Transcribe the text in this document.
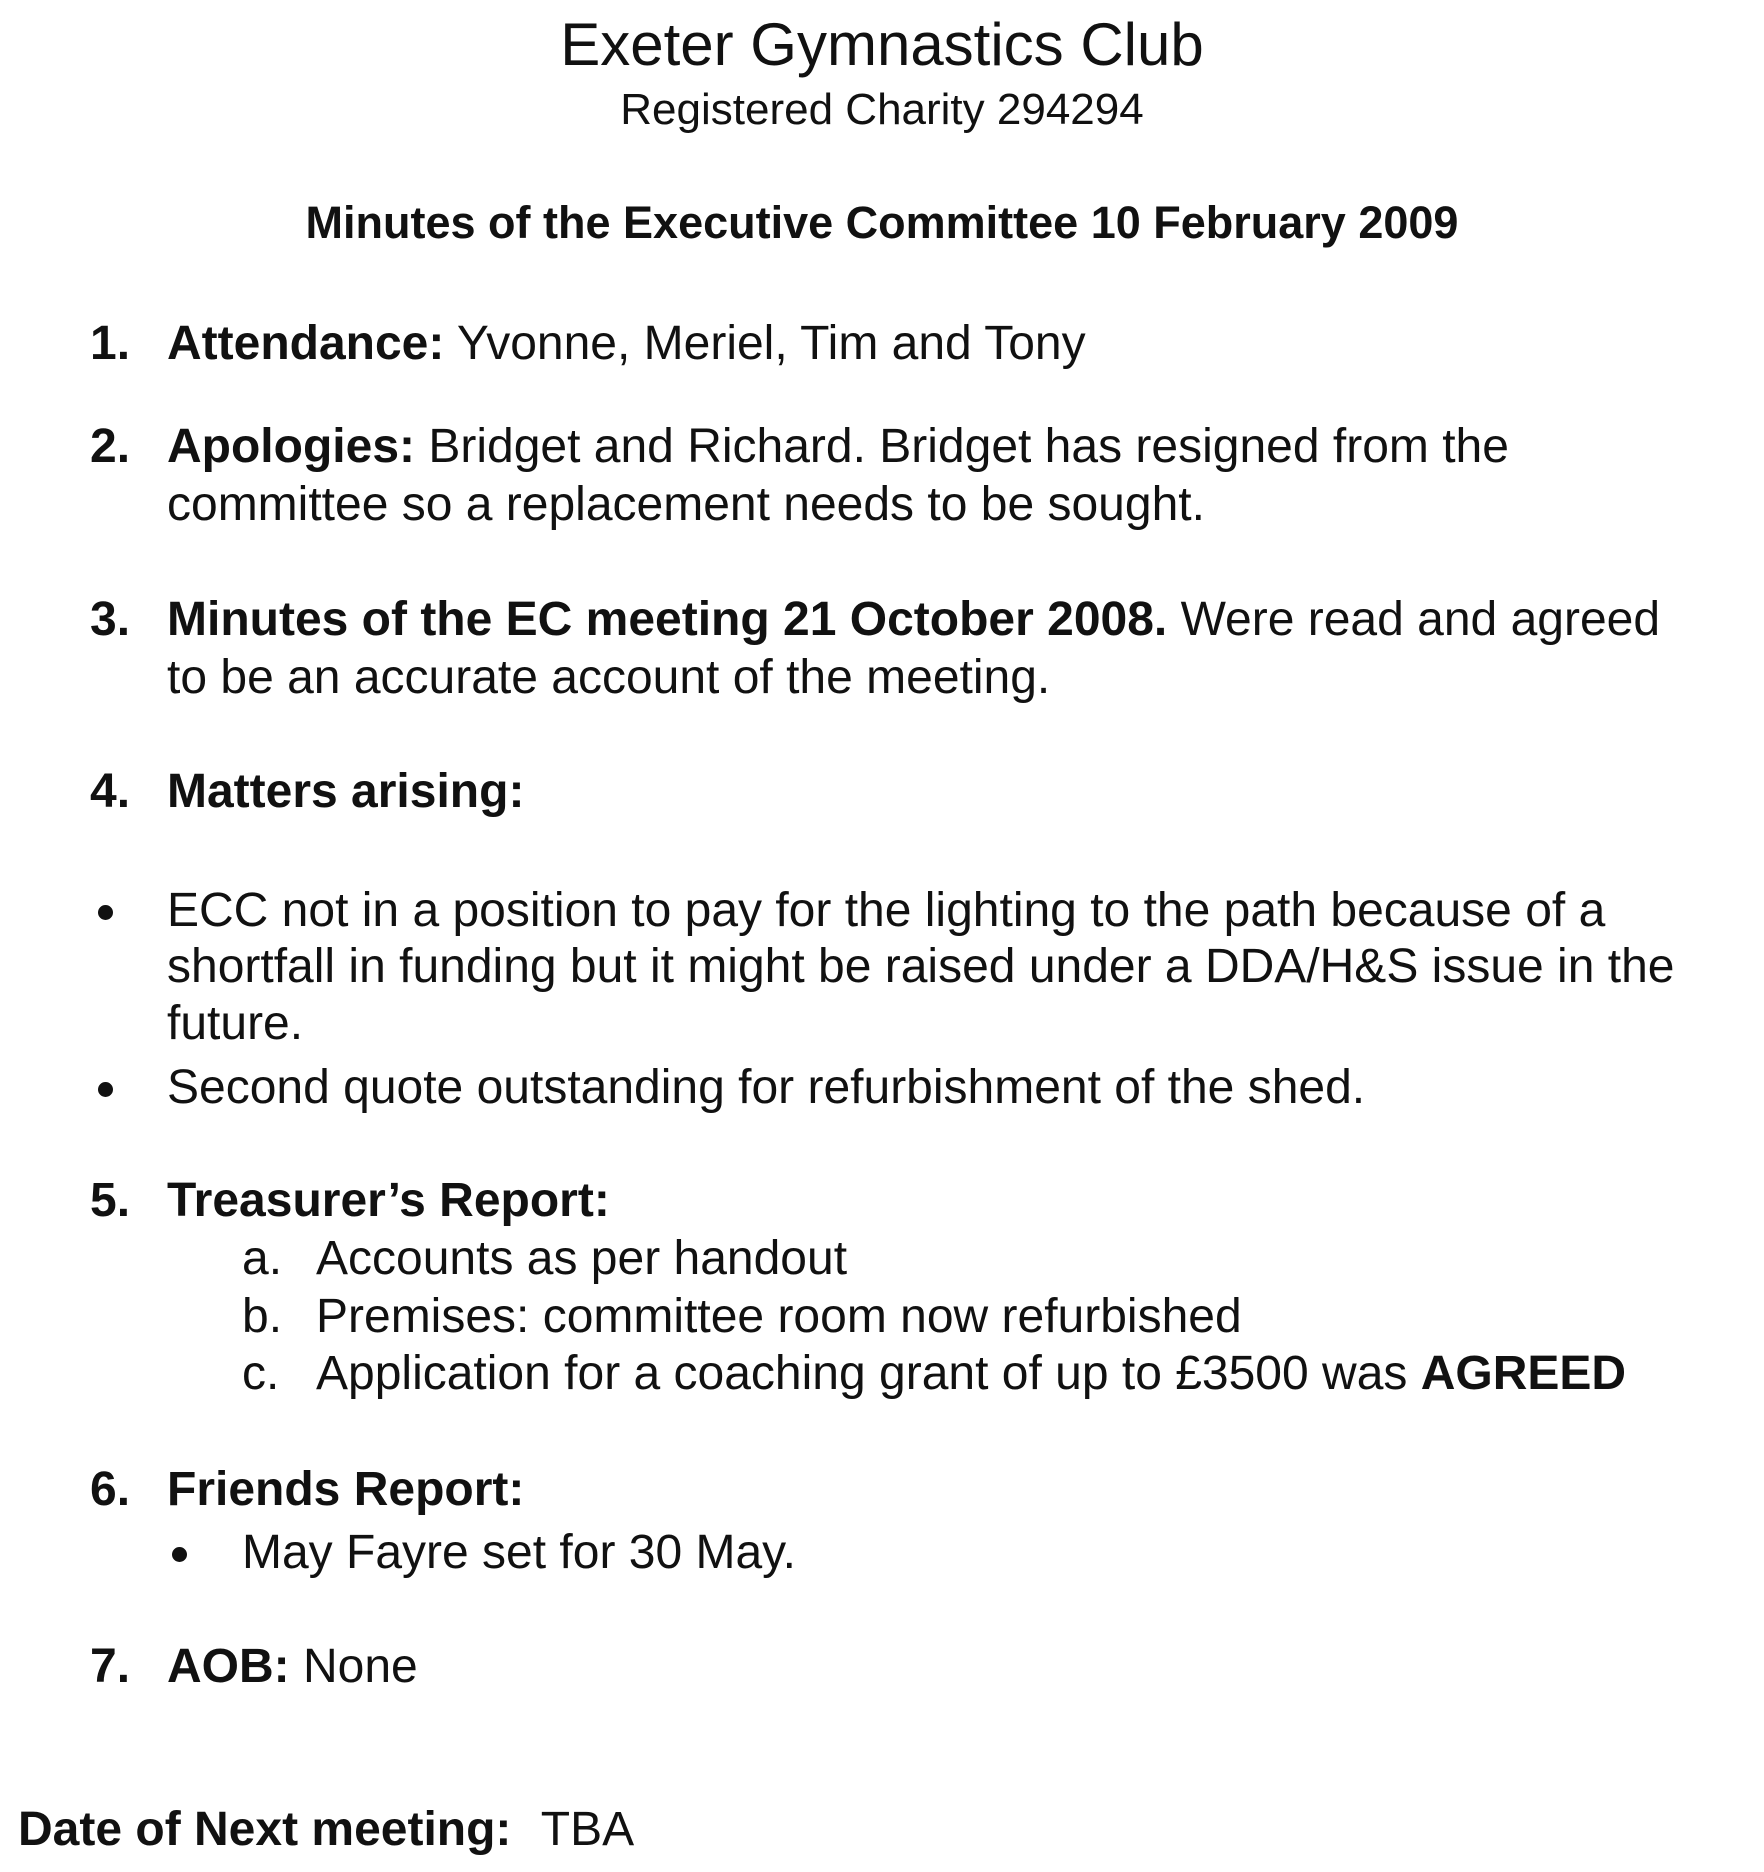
Exeter Gymnastics Club
Registered Charity 294294
Minutes of the Executive Committee 10 February 2009
1. Attendance: Yvonne, Meriel, Tim and Tony
2. Apologies: Bridget and Richard. Bridget has resigned from the
committee so a replacement needs to be sought.
3. Minutes of the EC meeting 21 October 2008. Were read and agreed
to be an accurate account of the meeting.
4. Matters arising:
ECC not in a position to pay for the lighting to the path because of a
shortfall in funding but it might be raised under a DDA/H&S issue in the
future.
Second quote outstanding for refurbishment of the shed.
5. Treasurer’s Report:
a. Accounts as per handout
b. Premises: committee room now refurbished
c. Application for a coaching grant of up to £3500 was AGREED
6. Friends Report:
May Fayre set for 30 May.
7. AOB: None
Date of Next meeting: TBA
